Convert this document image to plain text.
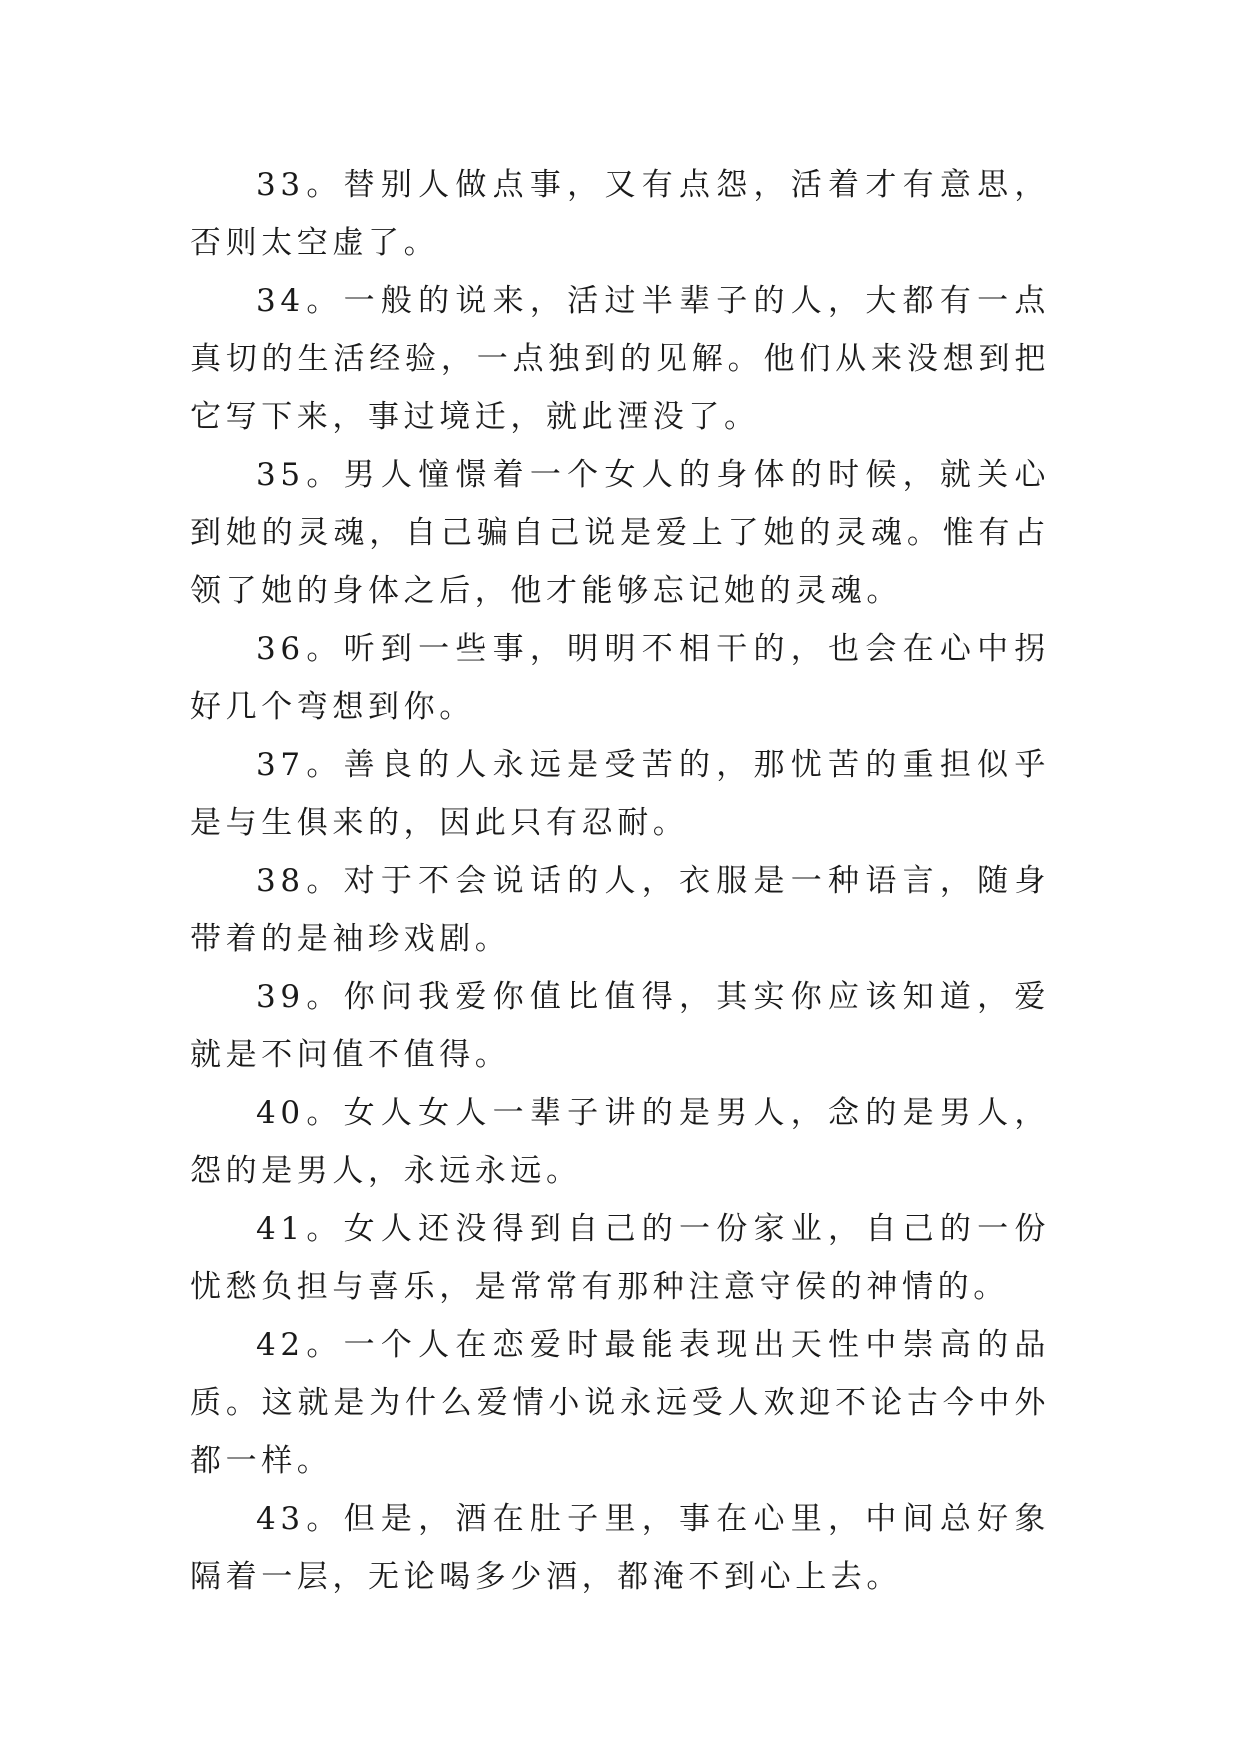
33。替别人做点事，又有点怨，活着才有意思，否则太空虚了。

34。一般的说来，活过半辈子的人，大都有一点真切的生活经验，一点独到的见解。他们从来没想到把它写下来，事过境迁，就此湮没了。

35。男人憧憬着一个女人的身体的时候，就关心到她的灵魂，自己骗自己说是爱上了她的灵魂。惟有占领了她的身体之后，他才能够忘记她的灵魂。

36。听到一些事，明明不相干的，也会在心中拐好几个弯想到你。

37。善良的人永远是受苦的，那忧苦的重担似乎是与生俱来的，因此只有忍耐。

38。对于不会说话的人，衣服是一种语言，随身带着的是袖珍戏剧。

39。你问我爱你值比值得，其实你应该知道，爱就是不问值不值得。

40。女人女人一辈子讲的是男人，念的是男人，怨的是男人，永远永远。

41。女人还没得到自己的一份家业，自己的一份忧愁负担与喜乐，是常常有那种注意守侯的神情的。

42。一个人在恋爱时最能表现出天性中崇高的品质。这就是为什么爱情小说永远受人欢迎不论古今中外都一样。

43。但是，酒在肚子里，事在心里，中间总好象隔着一层，无论喝多少酒，都淹不到心上去。
